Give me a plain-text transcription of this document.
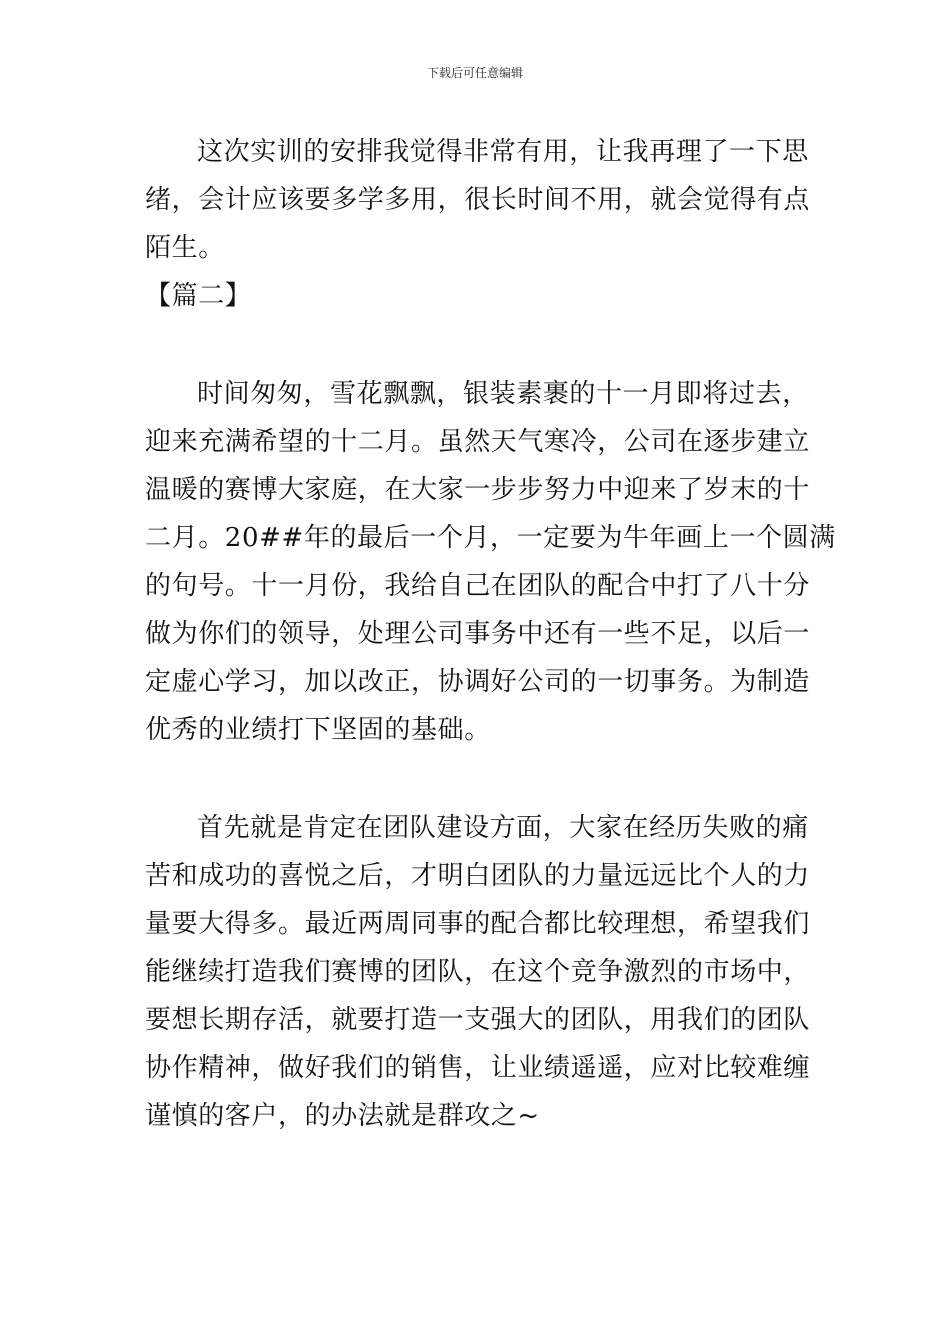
下载后可任意编辑
这次实训的安排我觉得非常有用，让我再理了一下思
绪，会计应该要多学多用，很长时间不用，就会觉得有点
陌生。
【篇二】
时间匆匆，雪花飘飘，银装素裹的十一月即将过去，
迎来充满希望的十二月。虽然天气寒冷，公司在逐步建立
温暖的赛博大家庭，在大家一步步努力中迎来了岁末的十
二月。20##年的最后一个月，一定要为牛年画上一个圆满
的句号。十一月份，我给自己在团队的配合中打了八十分
做为你们的领导，处理公司事务中还有一些不足，以后一
定虚心学习，加以改正，协调好公司的一切事务。为制造
优秀的业绩打下坚固的基础。
首先就是肯定在团队建设方面，大家在经历失败的痛
苦和成功的喜悦之后，才明白团队的力量远远比个人的力
量要大得多。最近两周同事的配合都比较理想，希望我们
能继续打造我们赛博的团队，在这个竞争激烈的市场中，
要想长期存活，就要打造一支强大的团队，用我们的团队
协作精神，做好我们的销售，让业绩遥遥，应对比较难缠
谨慎的客户，的办法就是群攻之~
